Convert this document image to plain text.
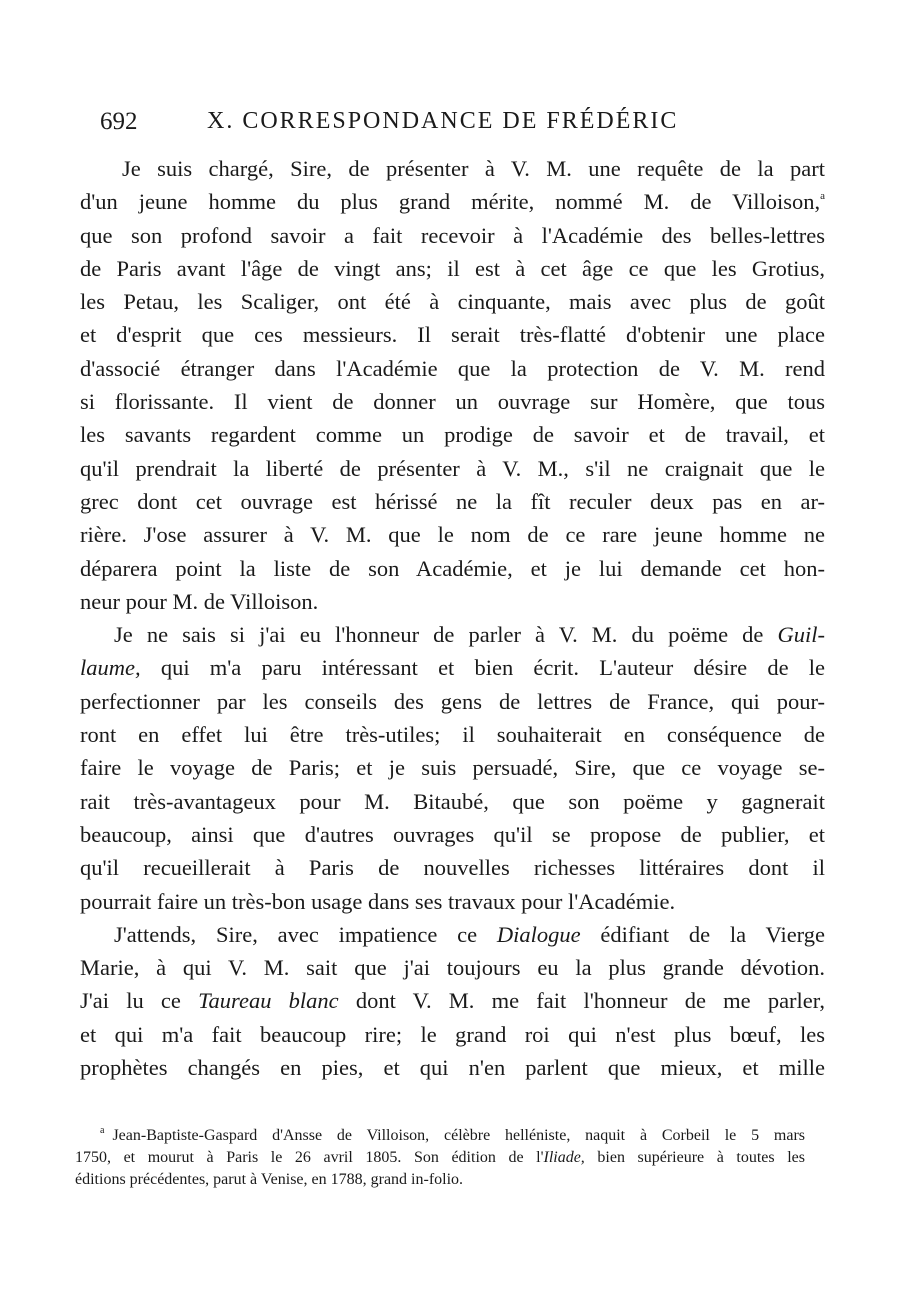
692	X. CORRESPONDANCE DE FRÉDÉRIC
Je suis chargé, Sire, de présenter à V. M. une requête de la part
d'un jeune homme du plus grand mérite, nommé M. de Villoison,$^a$
que son profond savoir a fait recevoir à l'Académie des belles-lettres
de Paris avant l'âge de vingt ans; il est à cet âge ce que les Grotius,
les Petau, les Scaliger, ont été à cinquante, mais avec plus de goût
et d'esprit que ces messieurs. Il serait très-flatté d'obtenir une place
d'associé étranger dans l'Académie que la protection de V. M. rend
si florissante. Il vient de donner un ouvrage sur Homère, que tous
les savants regardent comme un prodige de savoir et de travail, et
qu'il prendrait la liberté de présenter à V. M., s'il ne craignait que le
grec dont cet ouvrage est hérissé ne la fît reculer deux pas en ar-
rière. J'ose assurer à V. M. que le nom de ce rare jeune homme ne
déparera point la liste de son Académie, et je lui demande cet hon-
neur pour M. de Villoison.
Je ne sais si j'ai eu l'honneur de parler à V. M. du poëme de Guil-
laume, qui m'a paru intéressant et bien écrit. L'auteur désire de le
perfectionner par les conseils des gens de lettres de France, qui pour-
ront en effet lui être très-utiles; il souhaiterait en conséquence de
faire le voyage de Paris; et je suis persuadé, Sire, que ce voyage se-
rait très-avantageux pour M. Bitaubé, que son poëme y gagnerait
beaucoup, ainsi que d'autres ouvrages qu'il se propose de publier, et
qu'il recueillerait à Paris de nouvelles richesses littéraires dont il
pourrait faire un très-bon usage dans ses travaux pour l'Académie.
J'attends, Sire, avec impatience ce Dialogue édifiant de la Vierge
Marie, à qui V. M. sait que j'ai toujours eu la plus grande dévotion.
J'ai lu ce Taureau blanc dont V. M. me fait l'honneur de me parler,
et qui m'a fait beaucoup rire; le grand roi qui n'est plus bœuf, les
prophètes changés en pies, et qui n'en parlent que mieux, et mille
$^a$ Jean-Baptiste-Gaspard d'Ansse de Villoison, célèbre helléniste, naquit à Corbeil le 5 mars
1750, et mourut à Paris le 26 avril 1805. Son édition de l'Iliade, bien supérieure à toutes les
éditions précédentes, parut à Venise, en 1788, grand in-folio.
